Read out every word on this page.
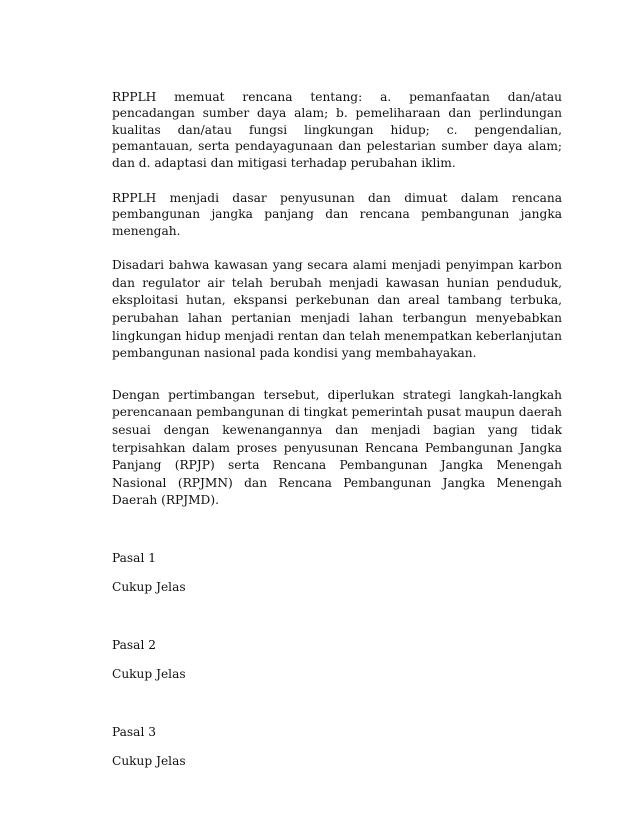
RPPLH memuat rencana tentang: a. pemanfaatan dan/atau pencadangan sumber daya alam; b. pemeliharaan dan perlindungan kualitas dan/atau fungsi lingkungan hidup; c. pengendalian, pemantauan, serta pendayagunaan dan pelestarian sumber daya alam; dan d. adaptasi dan mitigasi terhadap perubahan iklim.

RPPLH menjadi dasar penyusunan dan dimuat dalam rencana pembangunan jangka panjang dan rencana pembangunan jangka menengah.

Disadari bahwa kawasan yang secara alami menjadi penyimpan karbon dan regulator air telah berubah menjadi kawasan hunian penduduk, eksploitasi hutan, ekspansi perkebunan dan areal tambang terbuka, perubahan lahan pertanian menjadi lahan terbangun menyebabkan lingkungan hidup menjadi rentan dan telah menempatkan keberlanjutan pembangunan nasional pada kondisi yang membahayakan.

Dengan pertimbangan tersebut, diperlukan strategi langkah-langkah perencanaan pembangunan di tingkat pemerintah pusat maupun daerah sesuai dengan kewenangannya dan menjadi bagian yang tidak terpisahkan dalam proses penyusunan Rencana Pembangunan Jangka Panjang (RPJP) serta Rencana Pembangunan Jangka Menengah Nasional (RPJMN) dan Rencana Pembangunan Jangka Menengah Daerah (RPJMD).

Pasal 1

Cukup Jelas

Pasal 2

Cukup Jelas

Pasal 3

Cukup Jelas
